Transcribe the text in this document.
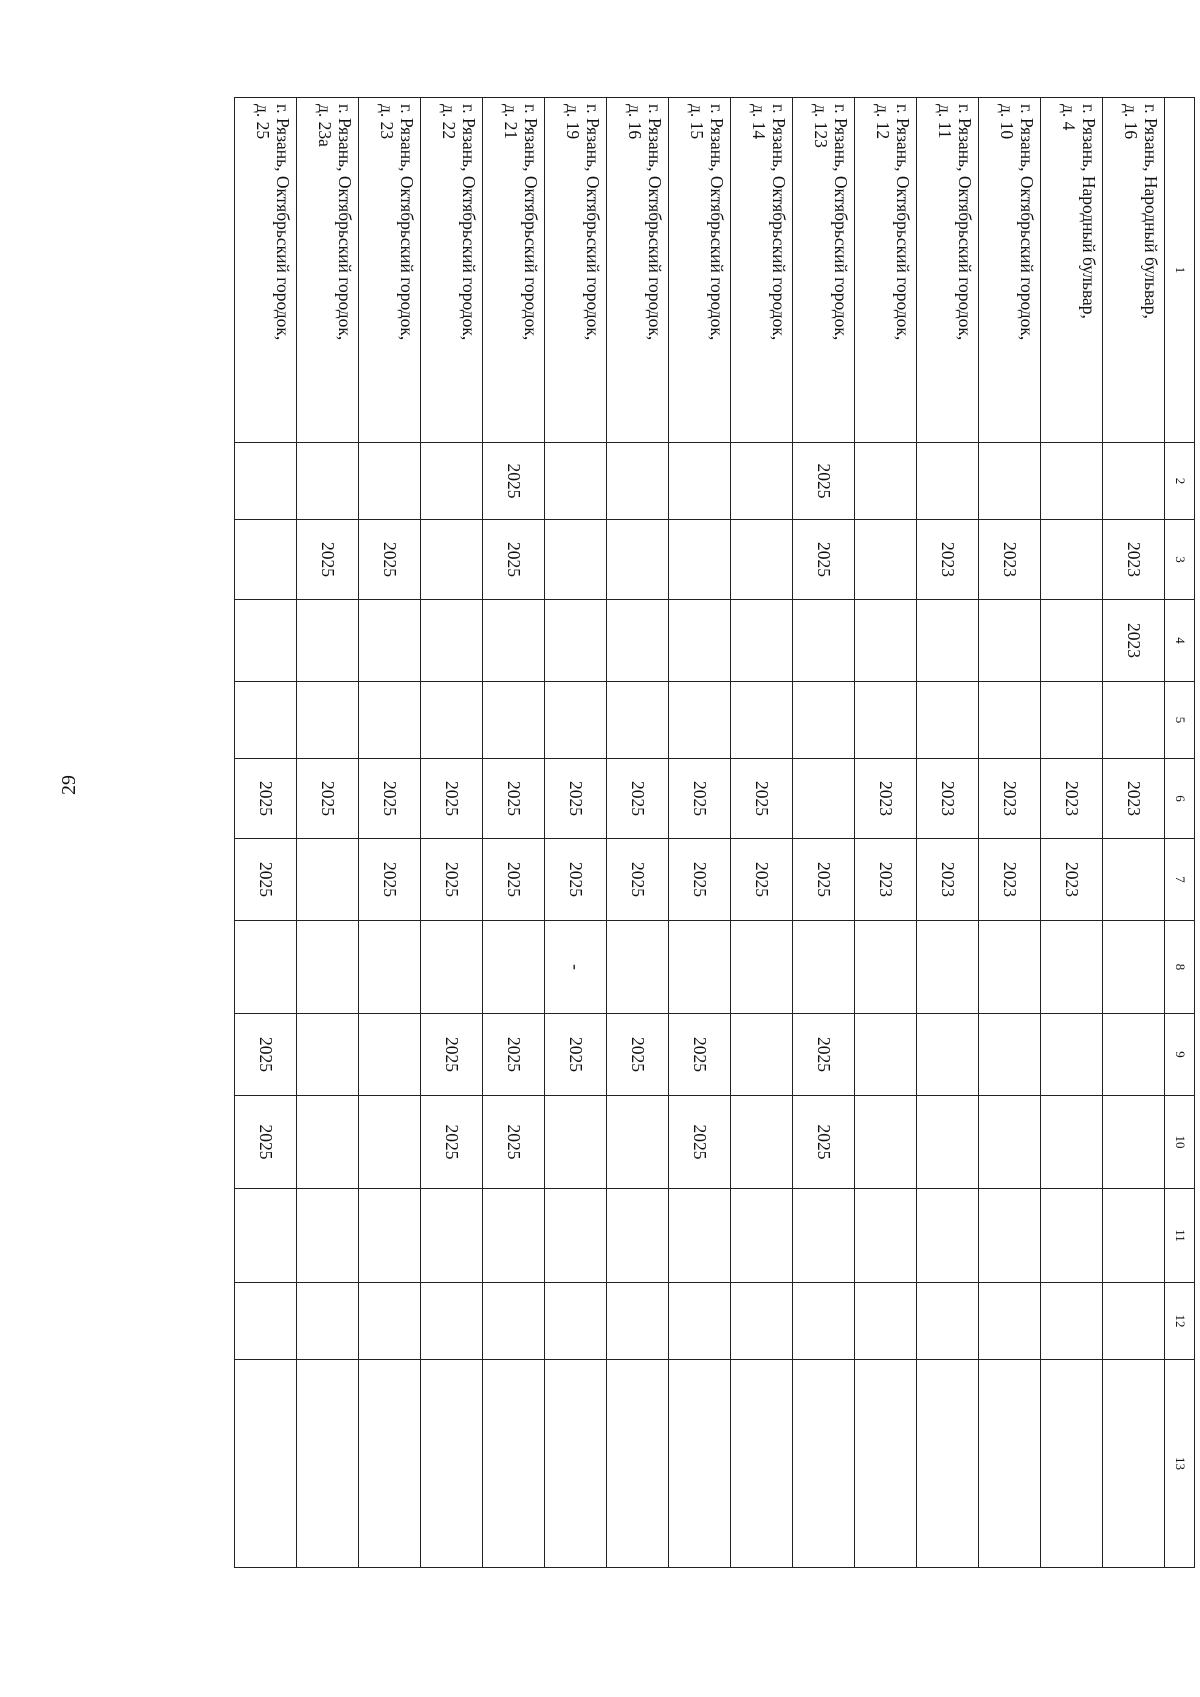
29
1	2	3	4	5	6	7	8	9	10	11	12	13

г. Рязань, Народный бульвар,
д. 16		2023	2023		2023							

г. Рязань, Народный бульвар,
д. 4					2023	2023						

г. Рязань, Октябрьский городок,
д. 10		2023			2023	2023						

г. Рязань, Октябрьский городок,
д. 11		2023			2023	2023						

г. Рязань, Октябрьский городок,
д. 12					2023	2023						

г. Рязань, Октябрьский городок,
д. 123	2025	2025				2025		2025	2025			

г. Рязань, Октябрьский городок,
д. 14					2025	2025						

г. Рязань, Октябрьский городок,
д. 15					2025	2025		2025	2025			

г. Рязань, Октябрьский городок,
д. 16					2025	2025		2025				

г. Рязань, Октябрьский городок,
д. 19					2025	2025	-	2025				

г. Рязань, Октябрьский городок,
д. 21	2025	2025			2025	2025		2025	2025			

г. Рязань, Октябрьский городок,
д. 22					2025	2025		2025	2025			

г. Рязань, Октябрьский городок,
д. 23		2025			2025	2025						

г. Рязань, Октябрьский городок,
д. 23а		2025			2025							

г. Рязань, Октябрьский городок,
д. 25					2025	2025		2025	2025			
